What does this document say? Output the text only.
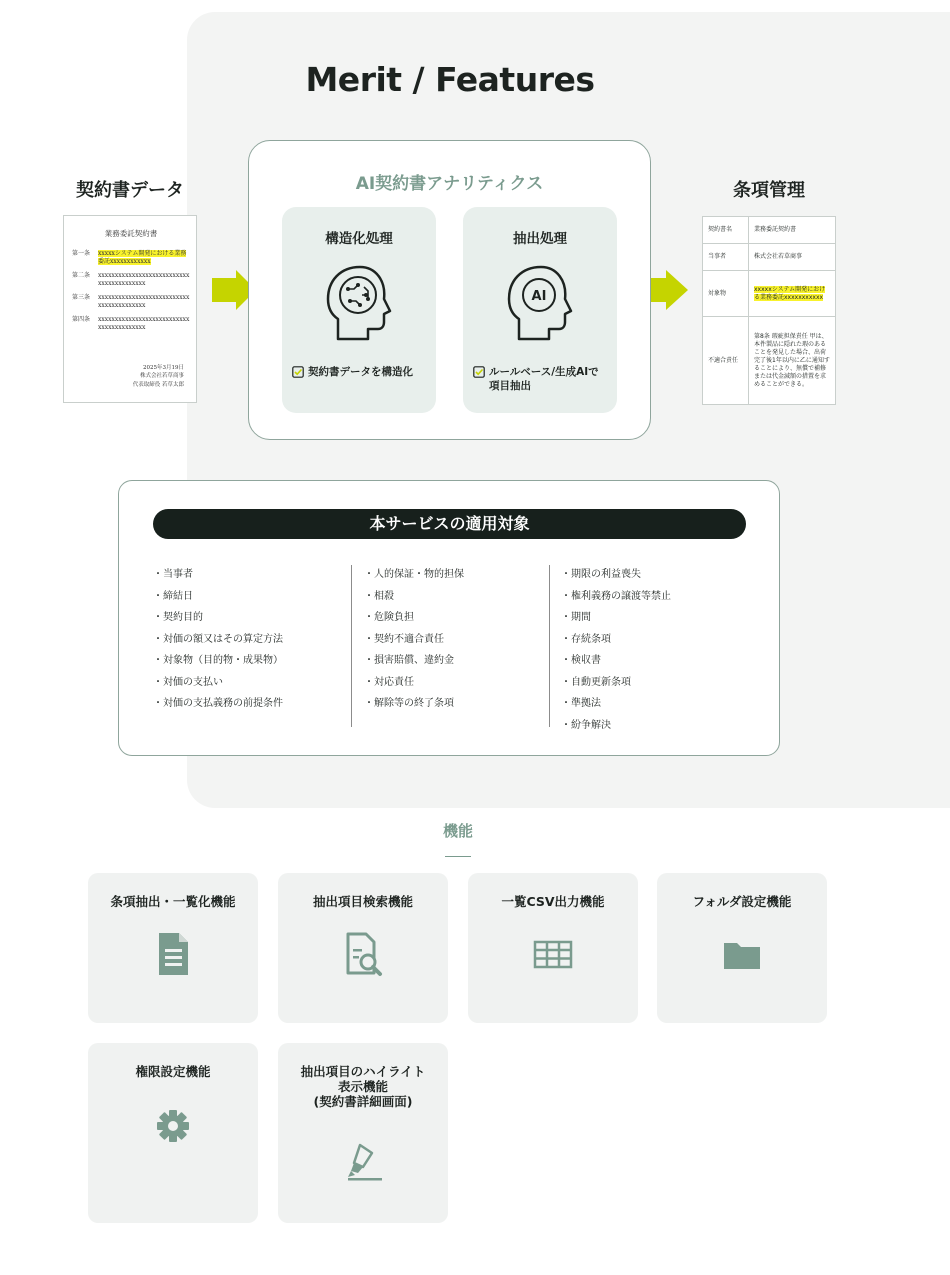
Merit / Features
契約書データ
業務委託契約書
第一条	xxxxxシステム開発における業務委託xxxxxxxxxxxx
第二条	xxxxxxxxxxxxxxxxxxxxxxxxxxxxxxxxxxxxxxxxx
第三条	xxxxxxxxxxxxxxxxxxxxxxxxxxxxxxxxxxxxxxxxx
第四条	xxxxxxxxxxxxxxxxxxxxxxxxxxxxxxxxxxxxxxxxx
2025年3月19日
株式会社若草商事
代表取締役 若草太郎
AI契約書アナリティクス
構造化処理
契約書データを構造化
抽出処理
AI
ルールベース/生成AIで項目抽出
条項管理
契約書名	業務委託契約書
当事者	株式会社若草商事
対象物	xxxxxシステム開発における業務委託xxxxxxxxxxx
不適合責任	第8条 瑕疵担保責任 甲は、本件製品に隠れた瑕のあることを発見した場合、出荷完了後1年以内に乙に通知することにより、無償で補修または代金減額の措置を求めることができる。
本サービスの適用対象
・ 当事者
・ 締結日
・ 契約目的
・ 対価の額又はその算定方法
・ 対象物（目的物・成果物）
・ 対価の支払い
・ 対価の支払義務の前提条件
・ 人的保証・物的担保
・ 相殺
・ 危険負担
・ 契約不適合責任
・ 損害賠償、違約金
・ 対応責任
・ 解除等の終了条項
・ 期限の利益喪失
・ 権利義務の譲渡等禁止
・ 期間
・ 存続条項
・ 検収書
・ 自動更新条項
・ 準拠法
・ 紛争解決
機能
条項抽出・一覧化機能	抽出項目検索機能	一覧CSV出力機能	フォルダ設定機能
権限設定機能	抽出項目のハイライト
表示機能
(契約書詳細画面)
